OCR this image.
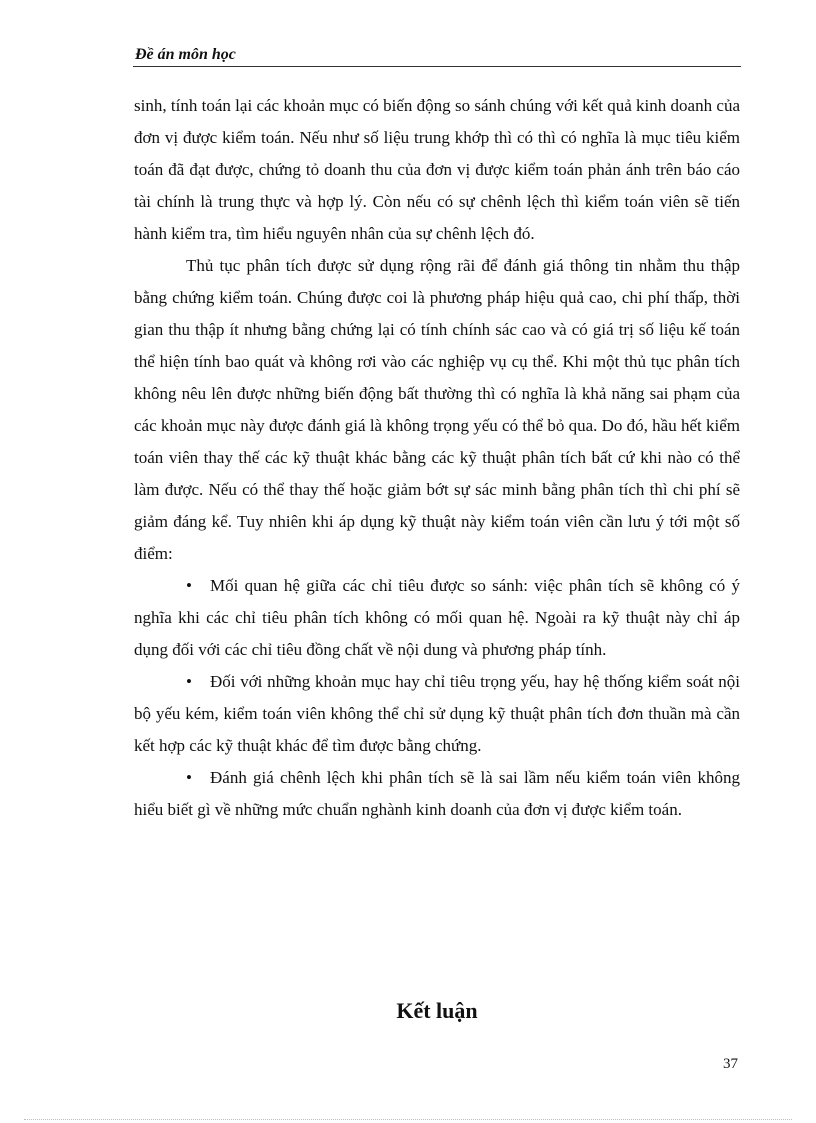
Đề án môn học

sinh, tính toán lại các khoản mục có biến động so sánh chúng với kết quả kinh doanh của đơn vị được kiểm toán. Nếu như số liệu trung khớp thì có thì có nghĩa là mục tiêu kiểm toán đã đạt được, chứng tỏ doanh thu của đơn vị được kiểm toán phản ánh trên báo cáo tài chính là trung thực và hợp lý. Còn nếu có sự chênh lệch thì kiểm toán viên sẽ tiến hành kiểm tra, tìm hiểu nguyên nhân của sự chênh lệch đó.

Thủ tục phân tích được sử dụng rộng rãi để đánh giá thông tin nhằm thu thập bằng chứng kiểm toán. Chúng được coi là phương pháp hiệu quả cao, chi phí thấp, thời gian thu thập ít nhưng bằng chứng lại có tính chính sác cao và có giá trị số liệu kế toán thể hiện tính bao quát và không rơi vào các nghiệp vụ cụ thể. Khi một thủ tục phân tích không nêu lên được những biến động bất thường thì có nghĩa là khả năng sai phạm của các khoản mục này được đánh giá là không trọng yếu có thể bỏ qua. Do đó, hầu hết kiểm toán viên thay thế các kỹ thuật khác bằng các kỹ thuật phân tích bất cứ khi nào có thể làm được. Nếu có thể thay thế hoặc giảm bớt sự sác minh bằng phân tích thì chi phí sẽ giảm đáng kể. Tuy nhiên khi áp dụng kỹ thuật này kiểm toán viên cần lưu ý tới một số điểm:

• Mối quan hệ giữa các chỉ tiêu được so sánh: việc phân tích sẽ không có ý nghĩa khi các chỉ tiêu phân tích không có mối quan hệ. Ngoài ra kỹ thuật này chỉ áp dụng đối với các chỉ tiêu đồng chất về nội dung và phương pháp tính.

• Đối với những khoản mục hay chỉ tiêu trọng yếu, hay hệ thống kiểm soát nội bộ yếu kém, kiểm toán viên không thể chỉ sử dụng kỹ thuật phân tích đơn thuần mà cần kết hợp các kỹ thuật khác để tìm được bằng chứng.

• Đánh giá chênh lệch khi phân tích sẽ là sai lầm nếu kiểm toán viên không hiểu biết gì về những mức chuẩn nghành kinh doanh của đơn vị được kiểm toán.

Kết luận
37
